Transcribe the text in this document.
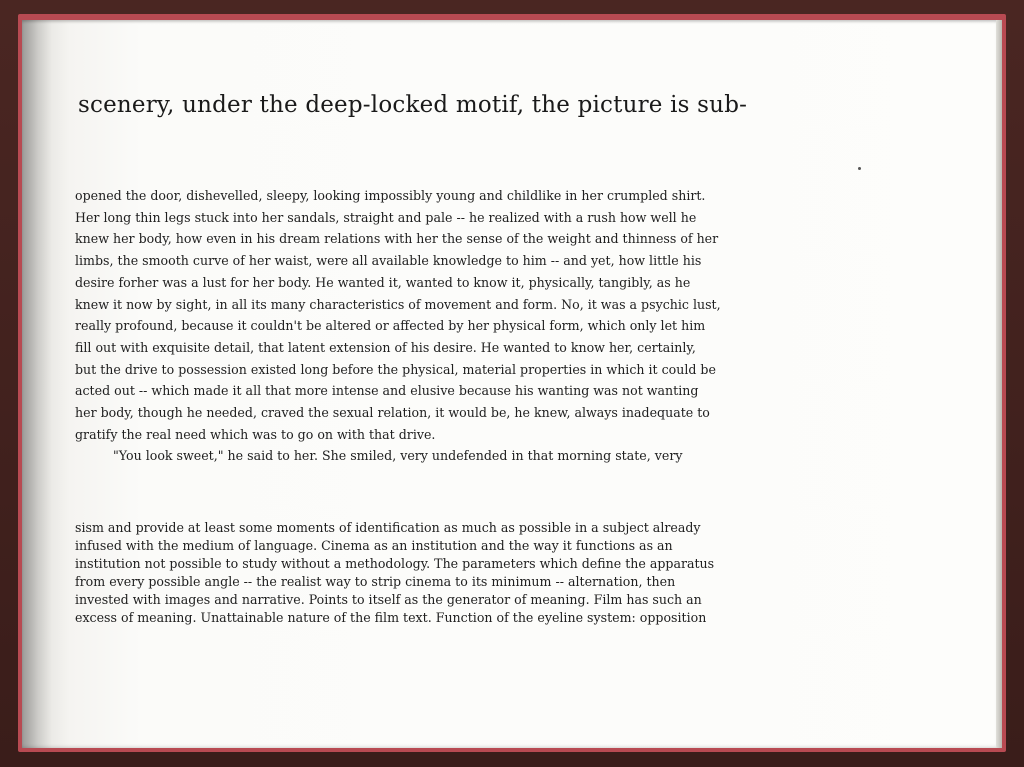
scenery, under the deep-locked motif, the picture is sub-
opened the door, dishevelled, sleepy, looking impossibly young and childlike in her crumpled shirt.
Her long thin legs stuck into her sandals, straight and pale -- he realized with a rush how well he
knew her body, how even in his dream relations with her the sense of the weight and thinness of her
limbs, the smooth curve of her waist, were all available knowledge to him -- and yet, how little his
desire forher was a lust for her body. He wanted it, wanted to know it, physically, tangibly, as he
knew it now by sight, in all its many characteristics of movement and form. No, it was a psychic lust,
really profound, because it couldn't be altered or affected by her physical form, which only let him
fill out with exquisite detail, that latent extension of his desire. He wanted to know her, certainly,
but the drive to possession existed long before the physical, material properties in which it could be
acted out -- which made it all that more intense and elusive because his wanting was not wanting
her body, though he needed, craved the sexual relation, it would be, he knew, always inadequate to
gratify the real need which was to go on with that drive.
"You look sweet," he said to her. She smiled, very undefended in that morning state, very
sism and provide at least some moments of identification as much as possible in a subject already
infused with the medium of language. Cinema as an institution and the way it functions as an
institution not possible to study without a methodology. The parameters which define the apparatus
from every possible angle -- the realist way to strip cinema to its minimum -- alternation, then
invested with images and narrative. Points to itself as the generator of meaning. Film has such an
excess of meaning. Unattainable nature of the film text. Function of the eyeline system: opposition
